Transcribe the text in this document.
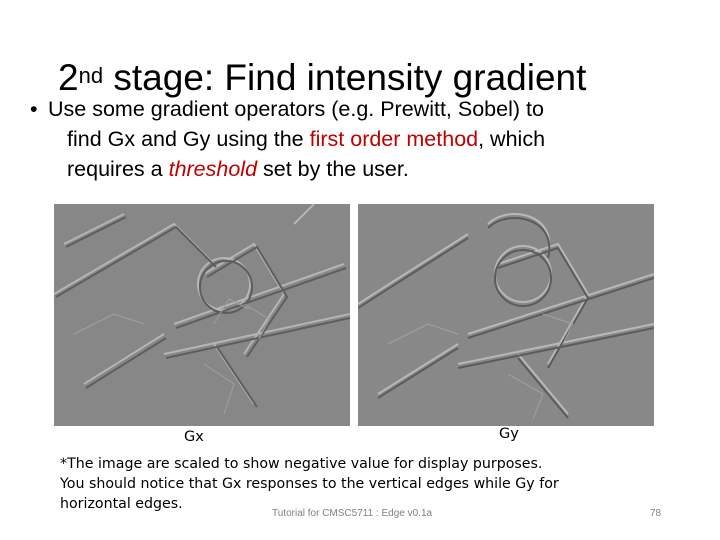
2nd stage: Find intensity gradient
• Use some gradient operators (e.g. Prewitt, Sobel) to
find Gx and Gy using the first order method, which
requires a threshold set by the user.

Gx	Gy

*The image are scaled to show negative value for display purposes.
You should notice that Gx responses to the vertical edges while Gy for
horizontal edges.

Tutorial for CMSC5711 : Edge v0.1a	78
